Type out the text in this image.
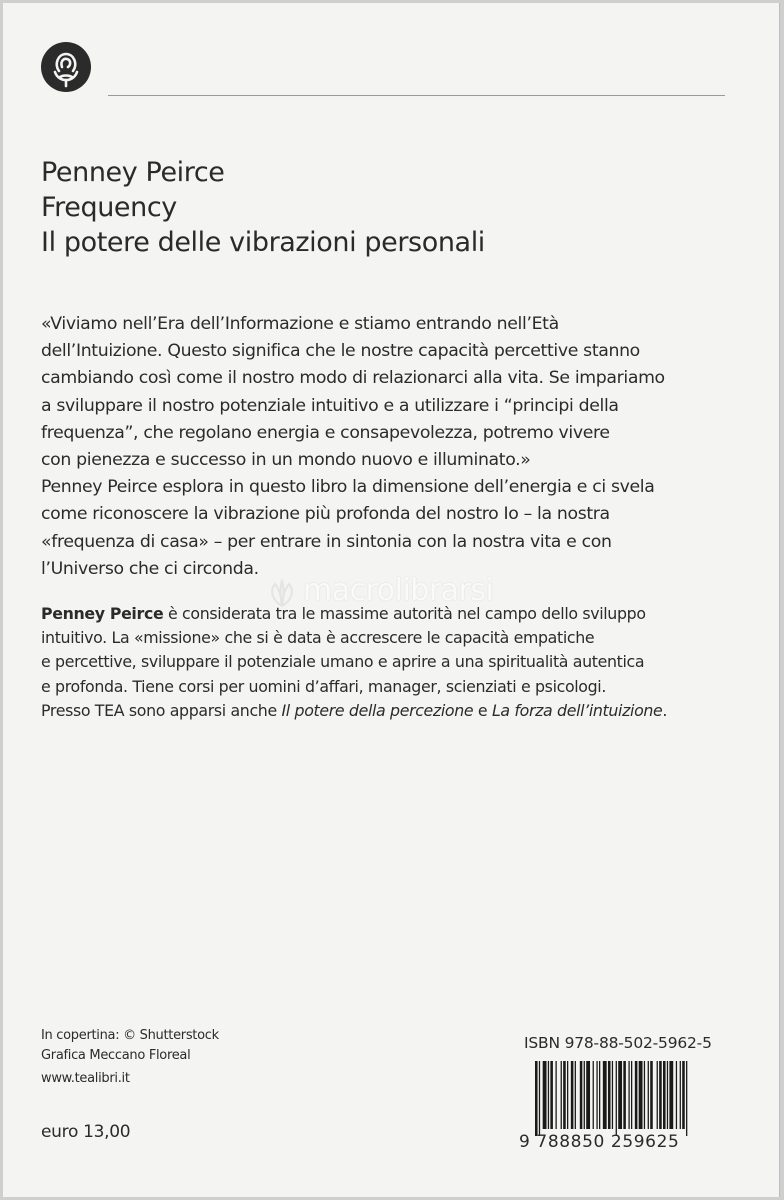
Penney Peirce
Frequency
Il potere delle vibrazioni personali
«Viviamo nell’Era dell’Informazione e stiamo entrando nell’Età
dell’Intuizione. Questo significa che le nostre capacità percettive stanno
cambiando così come il nostro modo di relazionarci alla vita. Se impariamo
a sviluppare il nostro potenziale intuitivo e a utilizzare i “principi della
frequenza”, che regolano energia e consapevolezza, potremo vivere
con pienezza e successo in un mondo nuovo e illuminato.»
Penney Peirce esplora in questo libro la dimensione dell’energia e ci svela
come riconoscere la vibrazione più profonda del nostro Io – la nostra
«frequenza di casa» – per entrare in sintonia con la nostra vita e con
l’Universo che ci circonda.
macrolibrarsi
Penney Peirce è considerata tra le massime autorità nel campo dello sviluppo
intuitivo. La «missione» che si è data è accrescere le capacità empatiche
e percettive, sviluppare il potenziale umano e aprire a una spiritualità autentica
e profonda. Tiene corsi per uomini d’affari, manager, scienziati e psicologi.
Presso TEA sono apparsi anche Il potere della percezione e La forza dell’intuizione.
In copertina: © Shutterstock
Grafica Meccano Floreal
www.tealibri.it
euro 13,00
ISBN 978-88-502-5962-5
9 788850 259625
